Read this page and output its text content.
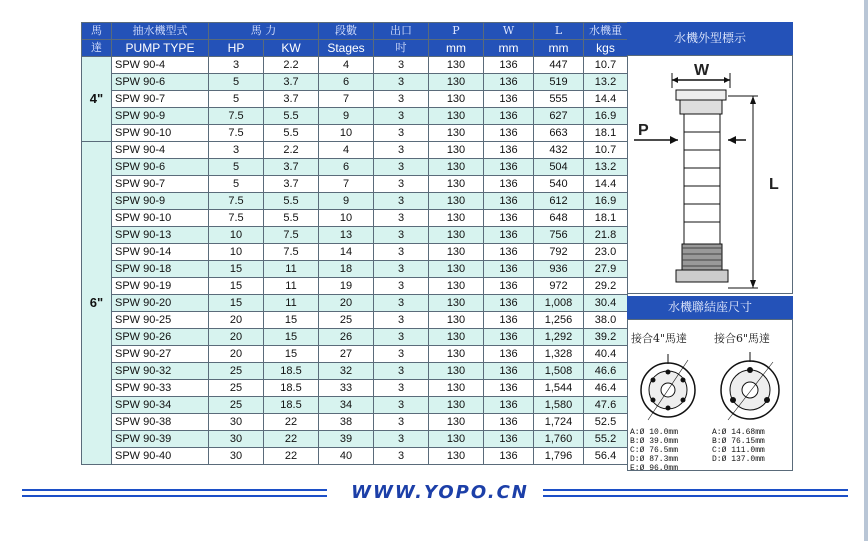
馬	抽水機型式	馬 力		段數	出口	P	W	L	水機重
達	PUMP TYPE	HP	KW	Stages	吋	mm	mm	mm	kgs
4"	SPW 90-4	3	2.2	4	3	130	136	447	10.7
	SPW 90-6	5	3.7	6	3	130	136	519	13.2
	SPW 90-7	5	3.7	7	3	130	136	555	14.4
	SPW 90-9	7.5	5.5	9	3	130	136	627	16.9
	SPW 90-10	7.5	5.5	10	3	130	136	663	18.1
6"	SPW 90-4	3	2.2	4	3	130	136	432	10.7
	SPW 90-6	5	3.7	6	3	130	136	504	13.2
	SPW 90-7	5	3.7	7	3	130	136	540	14.4
	SPW 90-9	7.5	5.5	9	3	130	136	612	16.9
	SPW 90-10	7.5	5.5	10	3	130	136	648	18.1
	SPW 90-13	10	7.5	13	3	130	136	756	21.8
	SPW 90-14	10	7.5	14	3	130	136	792	23.0
	SPW 90-18	15	11	18	3	130	136	936	27.9
	SPW 90-19	15	11	19	3	130	136	972	29.2
	SPW 90-20	15	11	20	3	130	136	1,008	30.4
	SPW 90-25	20	15	25	3	130	136	1,256	38.0
	SPW 90-26	20	15	26	3	130	136	1,292	39.2
	SPW 90-27	20	15	27	3	130	136	1,328	40.4
	SPW 90-32	25	18.5	32	3	130	136	1,508	46.6
	SPW 90-33	25	18.5	33	3	130	136	1,544	46.4
	SPW 90-34	25	18.5	34	3	130	136	1,580	47.6
	SPW 90-38	30	22	38	3	130	136	1,724	52.5
	SPW 90-39	30	22	39	3	130	136	1,760	55.2
	SPW 90-40	30	22	40	3	130	136	1,796	56.4
水機外型標示
W
P
L
水機聯結座尺寸
接合4"馬達 接合6"馬達
A:Ø 10.0mm
B:Ø 39.0mm
C:Ø 76.5mm
D:Ø 87.3mm
E:Ø 96.0mm
A:Ø 14.68mm
B:Ø 76.15mm
C:Ø 111.0mm
D:Ø 137.0mm
WWW.YOPO.CN
